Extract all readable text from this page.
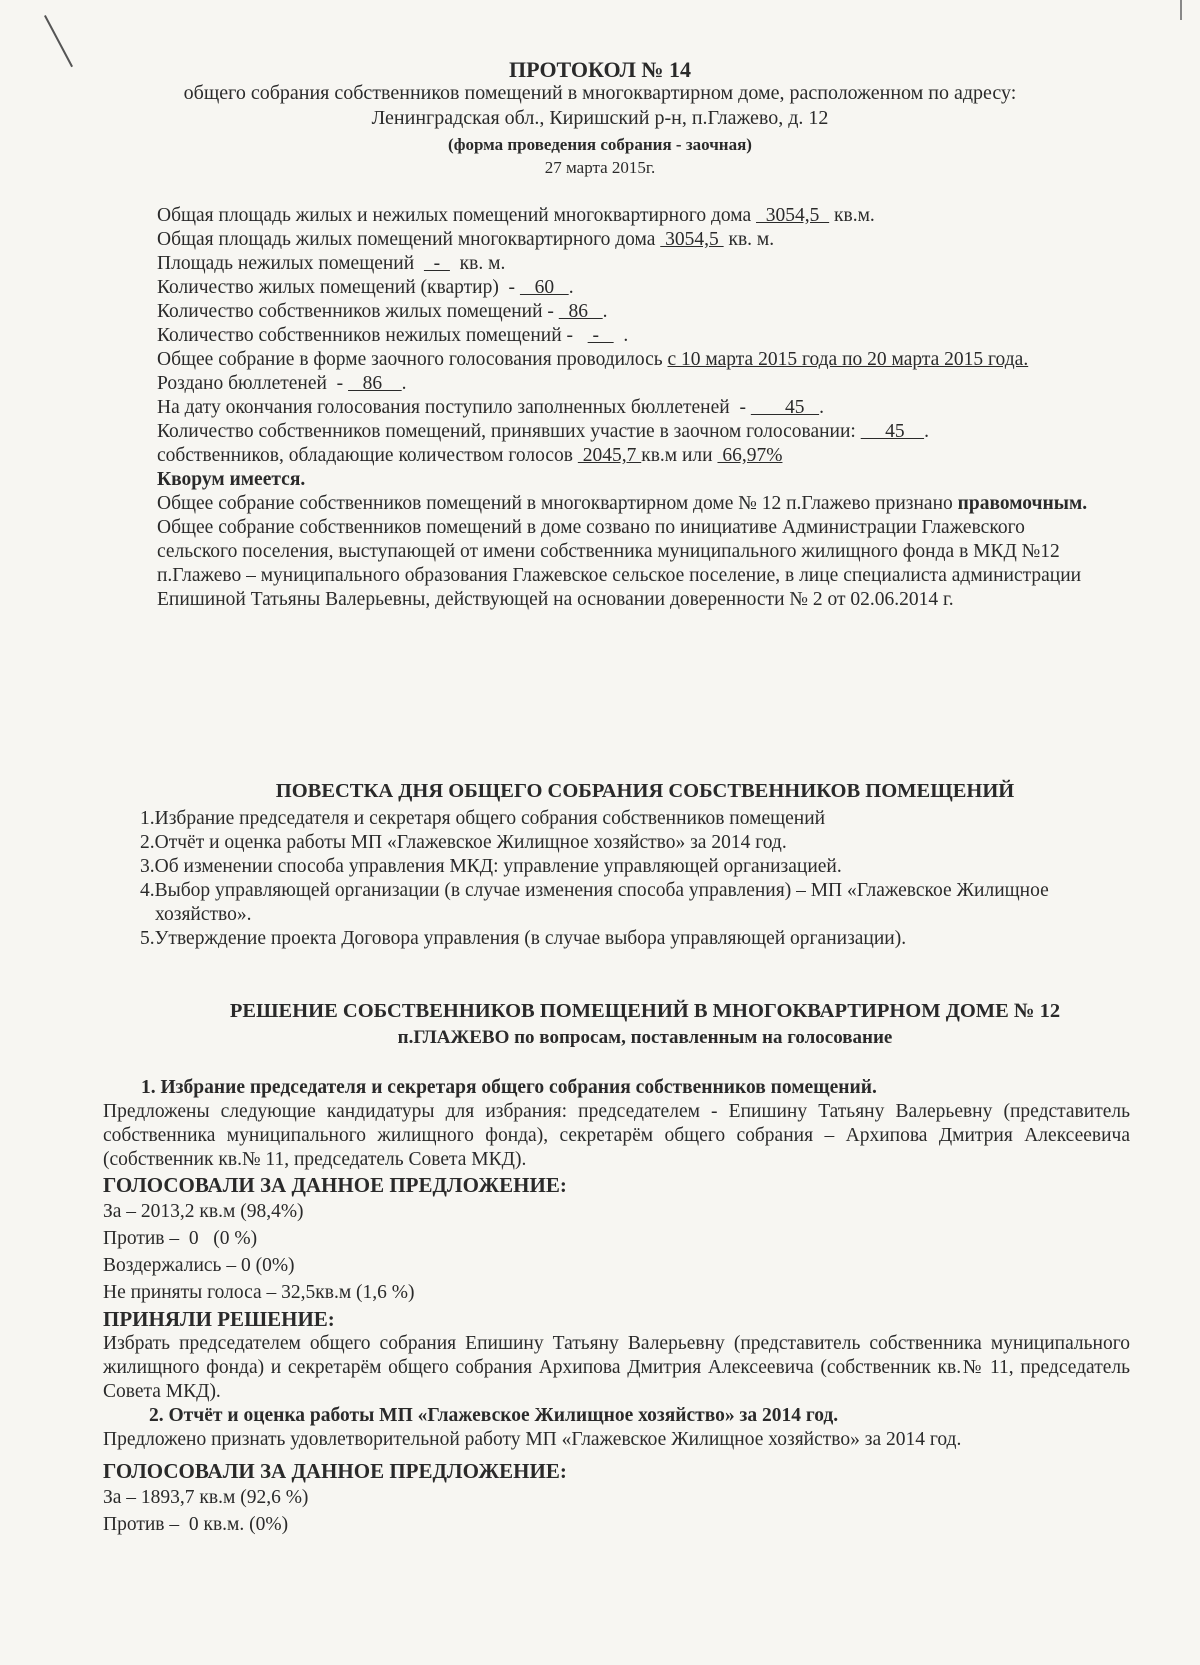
ПРОТОКОЛ № 14
общего собрания собственников помещений в многоквартирном доме, расположенном по адресу:
Ленинградская обл., Киришский р-н, п.Глажево, д. 12
(форма проведения собрания - заочная)
27 марта 2015г.
Общая площадь жилых и нежилых помещений многоквартирного дома   3054,5   кв.м.
Общая площадь жилых помещений многоквартирного дома  3054,5  кв. м.
Площадь нежилых помещений    -    кв. м.
Количество жилых помещений (квартир)  -    60   .
Количество собственников жилых помещений -   86   .
Количество собственников нежилых помещений -    -     .
Общее собрание в форме заочного голосования проводилось с 10 марта 2015 года по 20 марта 2015 года.
Роздано бюллетеней  -    86    .
На дату окончания голосования поступило заполненных бюллетеней  -        45   .
Количество собственников помещений, принявших участие в заочном голосовании:      45    .
собственников, обладающие количеством голосов  2045,7 кв.м или  66,97%
Кворум имеется.
Общее собрание собственников помещений в многоквартирном доме № 12 п.Глажево признано правомочным.
Общее собрание собственников помещений в доме созвано по инициативе Администрации Глажевского сельского поселения, выступающей от имени собственника муниципального жилищного фонда в МКД №12 п.Глажево – муниципального образования Глажевское сельское поселение, в лице специалиста администрации Епишиной Татьяны Валерьевны, действующей на основании доверенности № 2 от 02.06.2014 г.
ПОВЕСТКА ДНЯ ОБЩЕГО СОБРАНИЯ СОБСТВЕННИКОВ ПОМЕЩЕНИЙ
1.Избрание председателя и секретаря общего собрания собственников помещений
2.Отчёт и оценка работы МП «Глажевское Жилищное хозяйство» за 2014 год.
3.Об изменении способа управления МКД: управление управляющей организацией.
4.Выбор управляющей организации (в случае изменения способа управления) – МП «Глажевское Жилищное хозяйство».
5.Утверждение проекта Договора управления (в случае выбора управляющей организации).
РЕШЕНИЕ СОБСТВЕННИКОВ ПОМЕЩЕНИЙ В МНОГОКВАРТИРНОМ ДОМЕ № 12
п.ГЛАЖЕВО по вопросам, поставленным на голосование
1. Избрание председателя и секретаря общего собрания собственников помещений.
Предложены следующие кандидатуры для избрания: председателем - Епишину Татьяну Валерьевну (представитель собственника муниципального жилищного фонда), секретарём общего собрания – Архипова Дмитрия Алексеевича (собственник кв.№ 11, председатель Совета МКД).
ГОЛОСОВАЛИ ЗА ДАННОЕ ПРЕДЛОЖЕНИЕ:
За – 2013,2 кв.м (98,4%)
Против –  0   (0 %)
Воздержались – 0 (0%)
Не приняты голоса – 32,5кв.м (1,6 %)
ПРИНЯЛИ РЕШЕНИЕ:
Избрать председателем общего собрания Епишину Татьяну Валерьевну (представитель собственника муниципального жилищного фонда) и секретарём общего собрания Архипова Дмитрия Алексеевича (собственник кв.№ 11, председатель Совета МКД).
2. Отчёт и оценка работы МП «Глажевское Жилищное хозяйство» за 2014 год.
Предложено признать удовлетворительной работу МП «Глажевское Жилищное хозяйство» за 2014 год.
ГОЛОСОВАЛИ ЗА ДАННОЕ ПРЕДЛОЖЕНИЕ:
За – 1893,7 кв.м (92,6 %)
Против –  0 кв.м. (0%)
